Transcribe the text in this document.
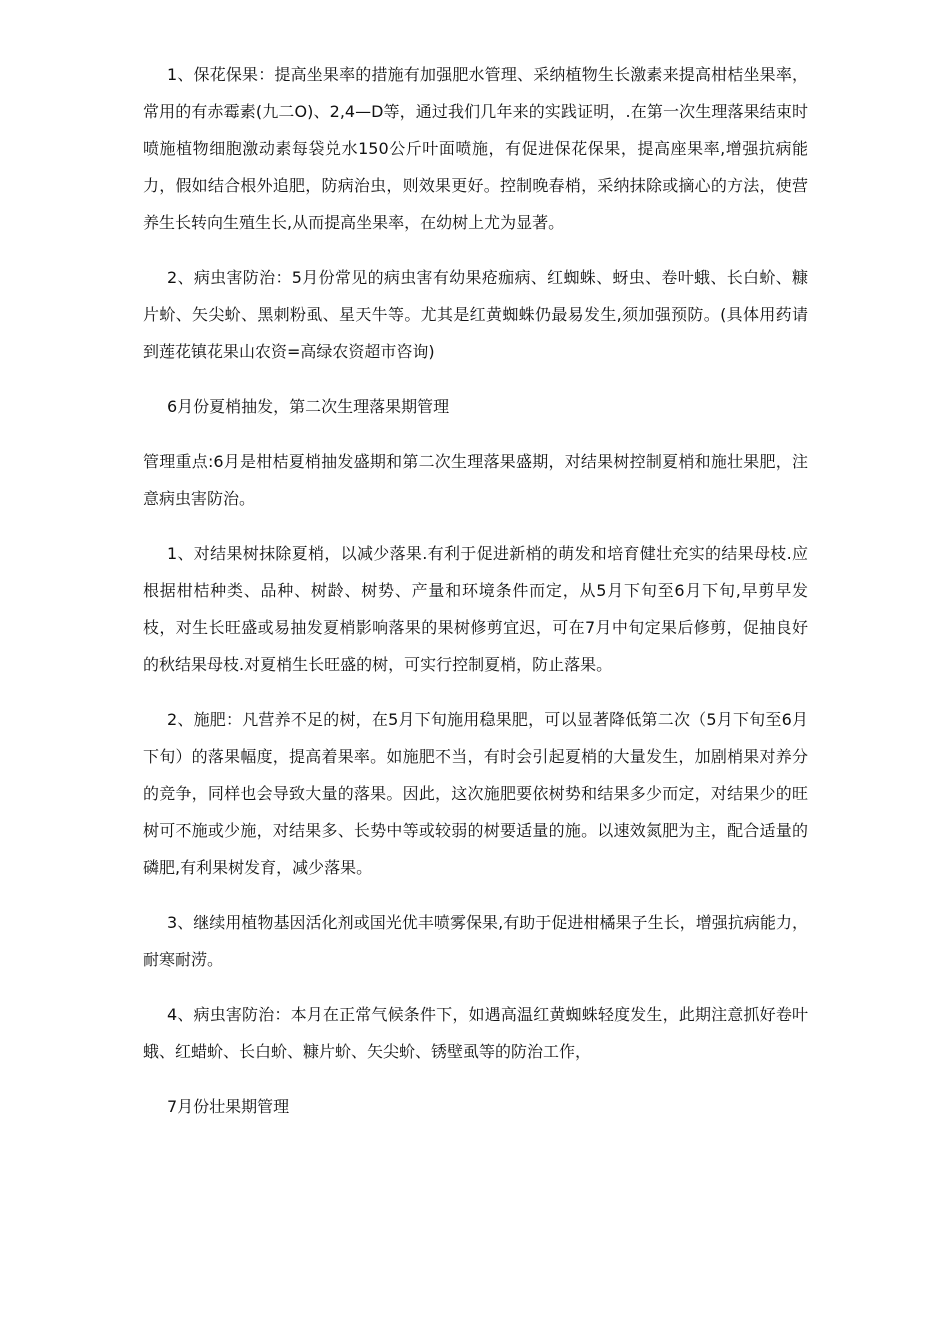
1、保花保果：提高坐果率的措施有加强肥水管理、采纳植物生长激素来提高柑桔坐果率，常用的有赤霉素(九二O)、2,4—D等，通过我们几年来的实践证明，.在第一次生理落果结束时喷施植物细胞激动素每袋兑水150公斤叶面喷施，有促进保花保果，提高座果率,增强抗病能力，假如结合根外追肥，防病治虫，则效果更好。控制晚春梢，采纳抹除或摘心的方法，使营养生长转向生殖生长,从而提高坐果率，在幼树上尤为显著。

2、病虫害防治：5月份常见的病虫害有幼果疮痂病、红蜘蛛、蚜虫、卷叶蛾、长白蚧、糠片蚧、矢尖蚧、黑刺粉虱、星天牛等。尤其是红黄蜘蛛仍最易发生,须加强预防。(具体用药请到莲花镇花果山农资=高绿农资超市咨询)

6月份夏梢抽发，第二次生理落果期管理

管理重点:6月是柑桔夏梢抽发盛期和第二次生理落果盛期，对结果树控制夏梢和施壮果肥，注意病虫害防治。

1、对结果树抹除夏梢，以减少落果.有利于促进新梢的萌发和培育健壮充实的结果母枝.应根据柑桔种类、品种、树龄、树势、产量和环境条件而定，从5月下旬至6月下旬,早剪早发枝，对生长旺盛或易抽发夏梢影响落果的果树修剪宜迟，可在7月中旬定果后修剪，促抽良好的秋结果母枝.对夏梢生长旺盛的树，可实行控制夏梢，防止落果。

2、施肥：凡营养不足的树，在5月下旬施用稳果肥，可以显著降低第二次（5月下旬至6月下旬）的落果幅度，提高着果率。如施肥不当，有时会引起夏梢的大量发生，加剧梢果对养分的竞争，同样也会导致大量的落果。因此，这次施肥要依树势和结果多少而定，对结果少的旺树可不施或少施，对结果多、长势中等或较弱的树要适量的施。以速效氮肥为主，配合适量的磷肥,有利果树发育，减少落果。

3、继续用植物基因活化剂或国光优丰喷雾保果,有助于促进柑橘果子生长，增强抗病能力，耐寒耐涝。

4、病虫害防治：本月在正常气候条件下，如遇高温红黄蜘蛛轻度发生，此期注意抓好卷叶蛾、红蜡蚧、长白蚧、糠片蚧、矢尖蚧、锈壁虱等的防治工作，

7月份壮果期管理
